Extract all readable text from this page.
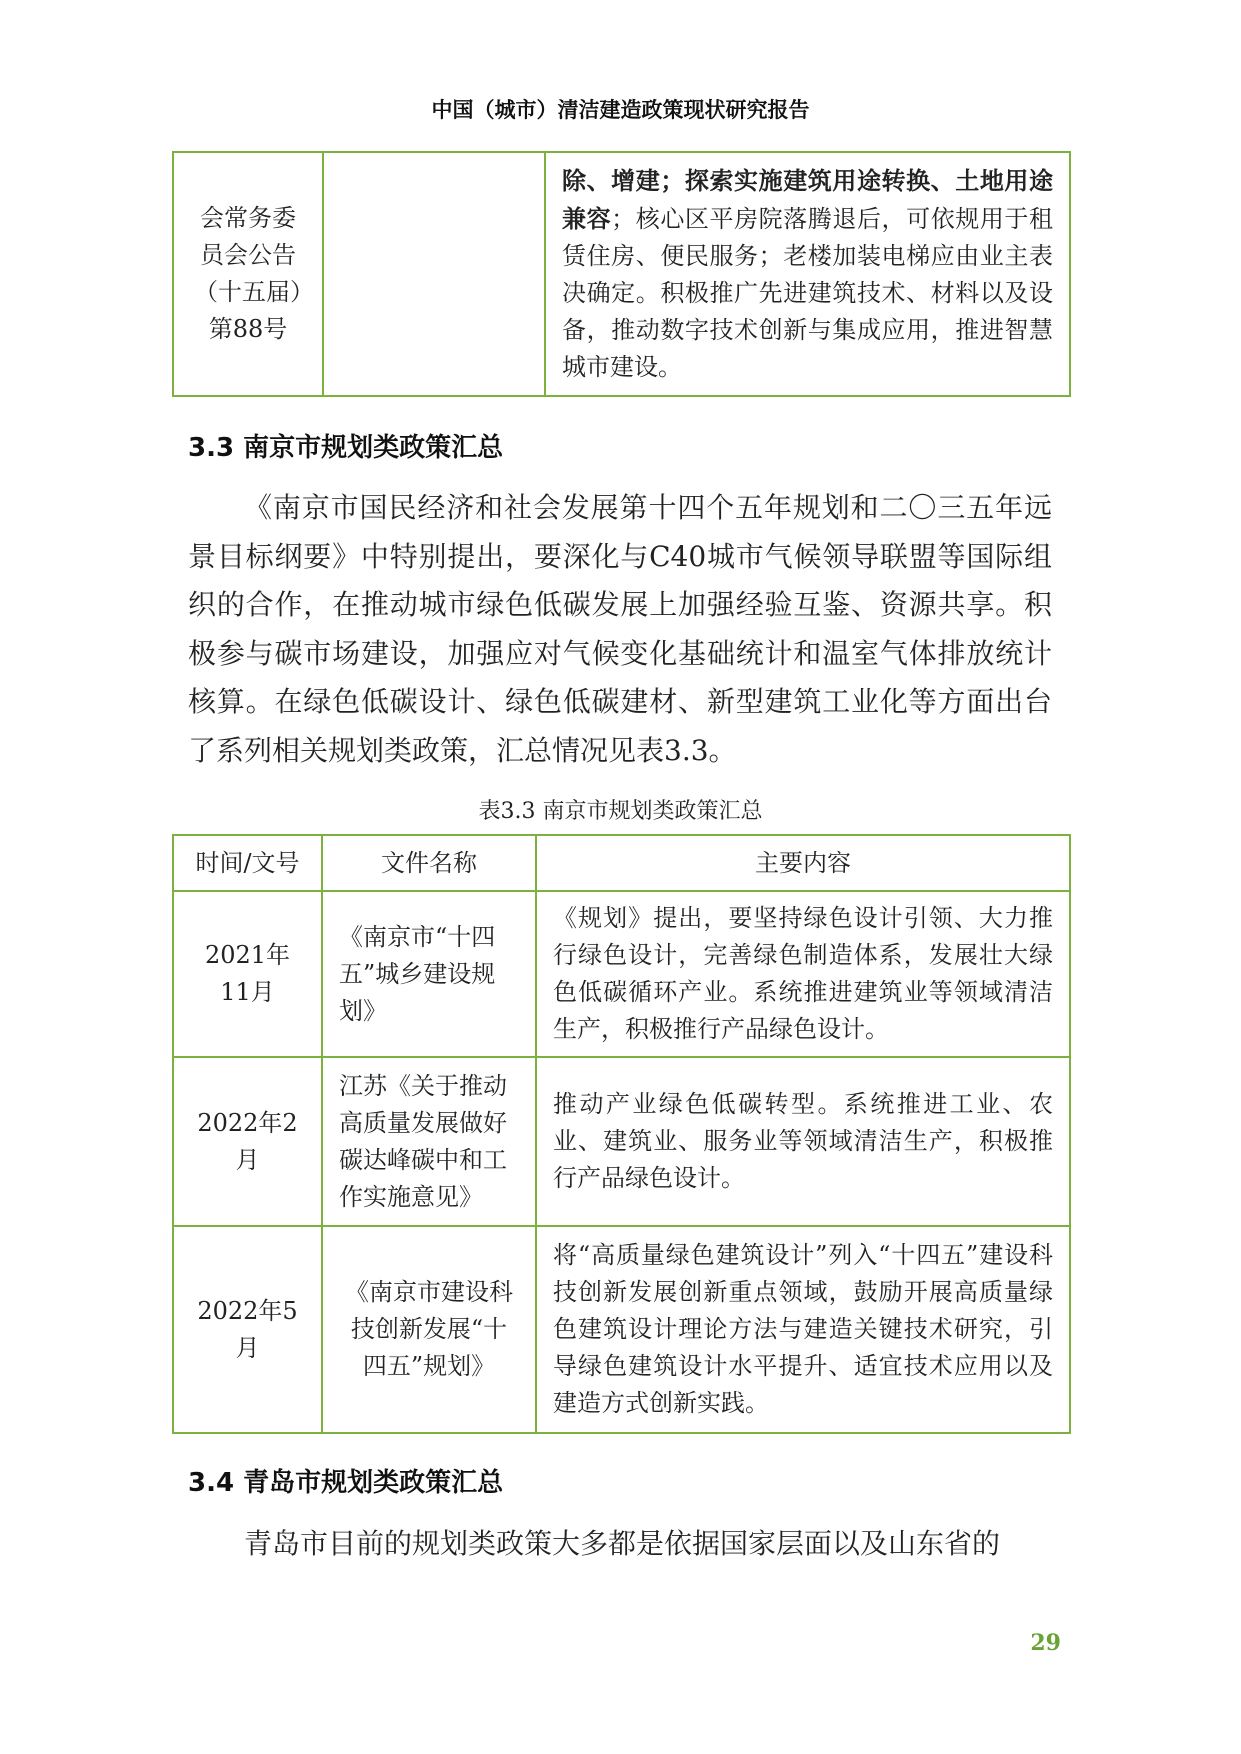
中国（城市）清洁建造政策现状研究报告
会常务委员会公告（十五届）第88号		除、增建；探索实施建筑用途转换、土地用途兼容；核心区平房院落腾退后，可依规用于租赁住房、便民服务；老楼加装电梯应由业主表决确定。积极推广先进建筑技术、材料以及设备，推动数字技术创新与集成应用，推进智慧城市建设。
3.3 南京市规划类政策汇总

《南京市国民经济和社会发展第十四个五年规划和二〇三五年远景目标纲要》中特别提出，要深化与C40城市气候领导联盟等国际组织的合作，在推动城市绿色低碳发展上加强经验互鉴、资源共享。积极参与碳市场建设，加强应对气候变化基础统计和温室气体排放统计核算。在绿色低碳设计、绿色低碳建材、新型建筑工业化等方面出台了系列相关规划类政策，汇总情况见表3.3。

表3.3 南京市规划类政策汇总
时间/文号	文件名称	主要内容
2021年11月	《南京市“十四五”城乡建设规划》	《规划》提出，要坚持绿色设计引领、大力推行绿色设计，完善绿色制造体系，发展壮大绿色低碳循环产业。系统推进建筑业等领域清洁生产，积极推行产品绿色设计。
2022年2月	江苏《关于推动高质量发展做好碳达峰碳中和工作实施意见》	推动产业绿色低碳转型。系统推进工业、农业、建筑业、服务业等领域清洁生产，积极推行产品绿色设计。
2022年5月	《南京市建设科技创新发展“十四五”规划》	将“高质量绿色建筑设计”列入“十四五”建设科技创新发展创新重点领域，鼓励开展高质量绿色建筑设计理论方法与建造关键技术研究，引导绿色建筑设计水平提升、适宜技术应用以及建造方式创新实践。
3.4 青岛市规划类政策汇总

青岛市目前的规划类政策大多都是依据国家层面以及山东省的

29
